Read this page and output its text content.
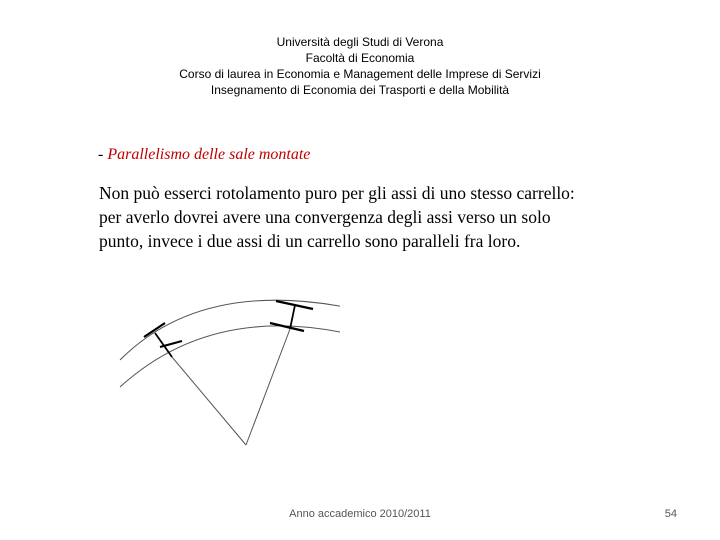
Università degli Studi di Verona
Facoltà di Economia
Corso di laurea in Economia e Management delle Imprese di Servizi
Insegnamento di Economia dei Trasporti e della Mobilità
- Parallelismo delle sale montate
Non può esserci rotolamento puro per gli assi di uno stesso carrello:
per averlo dovrei avere una convergenza degli assi verso un solo
punto, invece i due assi di un carrello sono paralleli fra loro.
Anno accademico 2010/2011	54
